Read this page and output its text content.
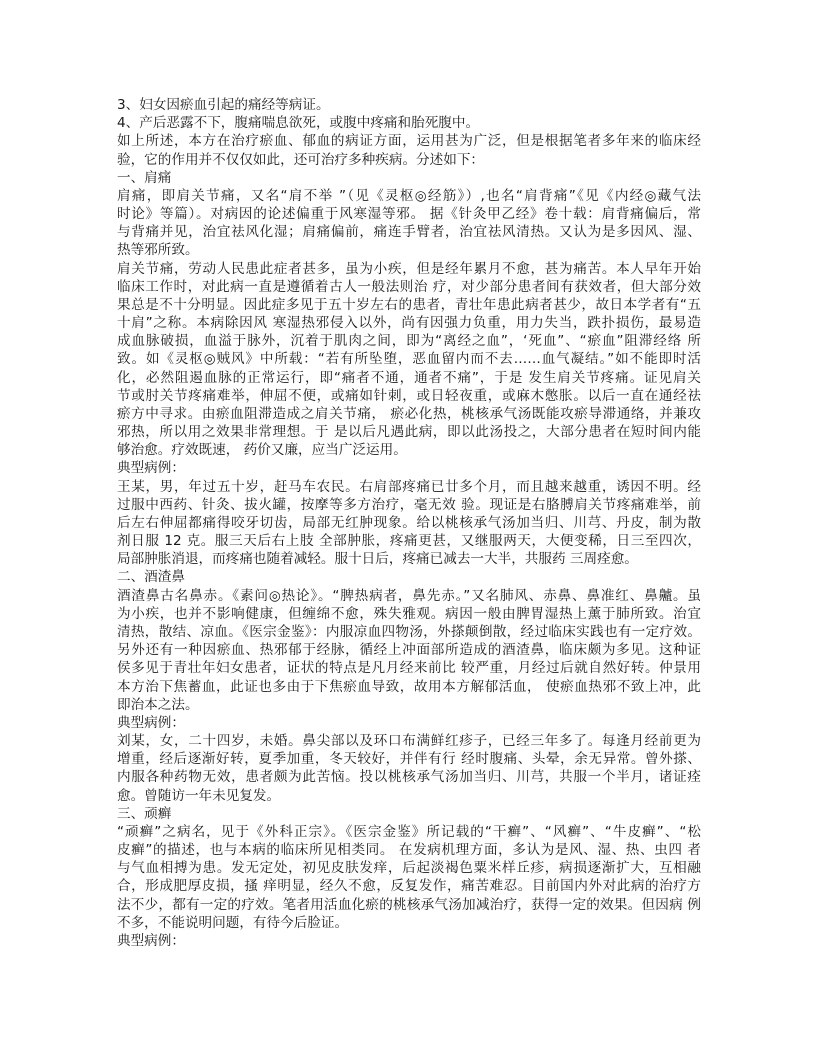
3、妇女因瘀血引起的痛经等病证。
4、产后恶露不下，腹痛喘息欲死，或腹中疼痛和胎死腹中。
如上所述，本方在治疗瘀血、郁血的病证方面，运用甚为广泛，但是根据笔者多年来的临床经
验，它的作用并不仅仅如此，还可治疗多种疾病。分述如下：
一、肩痛
肩痛，即肩关节痛，又名“肩不举 ”（见《灵枢◎经筋》）,也名“肩背痛”《见《内经◎藏气法
时论》等篇）。对病因的论述偏重于风寒湿等邪。 据《针灸甲乙经》卷十载：肩背痛偏后，常
与背痛并见，治宜祛风化湿；肩痛偏前，痛连手臂者，治宜祛风清热。又认为是多因风、湿、
热等邪所致。
肩关节痛，劳动人民患此症者甚多，虽为小疾，但是经年累月不愈，甚为痛苦。本人早年开始
临床工作时，对此病一直是遵循着古人一般法则治 疗，对少部分患者间有获效者，但大部分效
果总是不十分明显。因此症多见于五十岁左右的患者，青壮年患此病者甚少，故日本学者有“五
十肩”之称。本病除因风 寒湿热邪侵入以外，尚有因强力负重，用力失当，跌扑损伤，最易造
成血脉破损，血溢于脉外，沉着于肌肉之间，即为“离经之血”，‘死血”、“瘀血”阻滞经络 所
致。如《灵枢◎贼风》中所载：“若有所坠堕，恶血留内而不去……血气凝结。”如不能即时活
化，必然阻遏血脉的正常运行，即“痛者不通，通者不痛”，于是 发生肩关节疼痛。证见肩关
节或肘关节疼痛难举，伸屈不便，或痛如针刺，或日轻夜重，或麻木憋胀。以后一直在通经祛
瘀方中寻求。由瘀血阻滞造成之肩关节痛， 瘀必化热，桃核承气汤既能攻瘀导滞通络，并兼攻
邪热，所以用之效果非常理想。于 是以后凡遇此病，即以此汤投之，大部分患者在短时间内能
够治愈。疗效既速， 药价又廉，应当广泛运用。
典型病例：
王某，男，年过五十岁，赶马车农民。右肩部疼痛已廿多个月，而且越来越重，诱因不明。经
过服中西药、针灸、拔火罐，按摩等多方治疗，毫无效 验。现证是右胳膊肩关节疼痛难举，前
后左右伸屈都痛得咬牙切齿，局部无红肿现象。给以桃核承气汤加当归、川芎、丹皮，制为散
剂日服 12 克。服三天后右上肢 全部肿胀，疼痛更甚，又继服两天，大便变稀，日三至四次，
局部肿胀消退，而疼痛也随着减轻。服十日后，疼痛已减去一大半，共服药 三周痊愈。
二、酒渣鼻
酒渣鼻古名鼻赤。《素问◎热论》。“脾热病者，鼻先赤。”又名肺风、赤鼻、鼻准红、鼻齇。虽
为小疾，也并不影响健康，但缠绵不愈，殊失雅观。病因一般由脾胃湿热上薰于肺所致。治宜
清热，散结、凉血。《医宗金鉴》：内服凉血四物汤，外搽颠倒散，经过临床实践也有一定疗效。
另外还有一种因瘀血、热邪郁于经脉，循经上冲面部所造成的酒渣鼻，临床颇为多见。这种证
侯多见于青壮年妇女患者，证状的特点是凡月经来前比 较严重，月经过后就自然好转。仲景用
本方治下焦蓄血，此证也多由于下焦瘀血导致，故用本方解郁活血， 使瘀血热邪不致上冲，此
即治本之法。
典型病例：
刘某，女，二十四岁，未婚。鼻尖部以及环口布满鲜红疹子，已经三年多了。每逢月经前更为
增重，经后逐渐好转，夏季加重，冬天较好，并伴有行 经时腹痛、头晕，余无异常。曾外搽、
内服各种药物无效，患者颇为此苦恼。投以桃核承气汤加当归、川芎，共服一个半月，诸证痊
愈。曾随访一年未见复发。
三、顽癣
“顽癣”之病名，见于《外科正宗》。《医宗金鉴》所记载的“干癣”、“风癣”、“牛皮癣”、“松
皮癣”的描述，也与本病的临床所见相类同。 在发病机理方面，多认为是风、湿、热、虫四 者
与气血相搏为患。发无定处，初见皮肤发痒，后起淡褐色粟米样丘疹，病损逐渐扩大，互相融
合，形成肥厚皮损，搔 痒明显，经久不愈，反复发作，痛苦难忍。目前国内外对此病的治疗方
法不少，都有一定的疗效。笔者用活血化瘀的桃核承气汤加减治疗，获得一定的效果。但因病 例
不多，不能说明问题，有待今后脸证。
典型病例：
